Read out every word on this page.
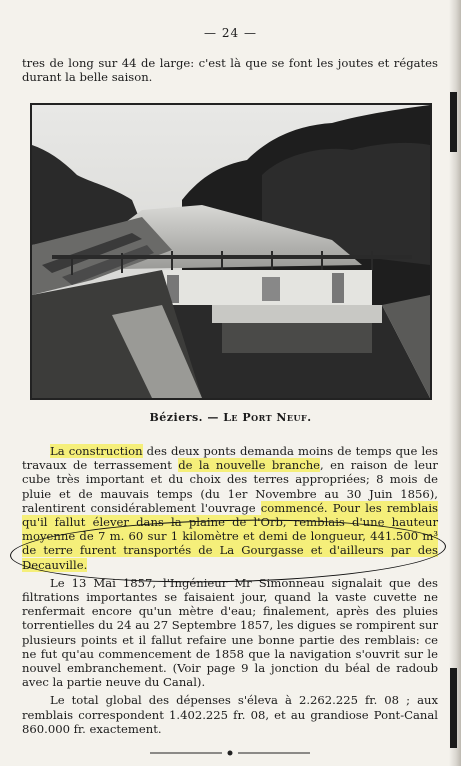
— 24 —

tres de long sur 44 de large: c'est là que se font les joutes et régates durant la belle saison.

Béziers. — Le Port Neuf.

La construction des deux ponts demanda moins de temps que les travaux de terrassement de la nouvelle branche, en raison de leur cube très important et du choix des terres appropriées; 8 mois de pluie et de mauvais temps (du 1er Novembre au 30 Juin 1856), ralentirent considérablement l'ouvrage commencé. Pour les remblais qu'il fallut élever dans la plaine de l'Orb, remblais d'une hauteur moyenne de 7 m. 60 sur 1 kilomètre et demi de longueur, 441.500 m³ de terre furent transportés de La Gourgasse et d'ailleurs par des Decauville.

Le 13 Mai 1857, l'Ingénieur Mr Simonneau signalait que des filtrations importantes se faisaient jour, quand la vaste cuvette ne renfermait encore qu'un mètre d'eau; finalement, après des pluies torrentielles du 24 au 27 Septembre 1857, les digues se rompirent sur plusieurs points et il fallut refaire une bonne partie des remblais: ce ne fut qu'au commencement de 1858 que la navigation s'ouvrit sur le nouvel embranchement. (Voir page 9 la jonction du béal de radoub avec la partie neuve du Canal).

Le total global des dépenses s'éleva à 2.262.225 fr. 08 ; aux remblais correspondent 1.402.225 fr. 08, et au grandiose Pont-Canal 860.000 fr. exactement.
